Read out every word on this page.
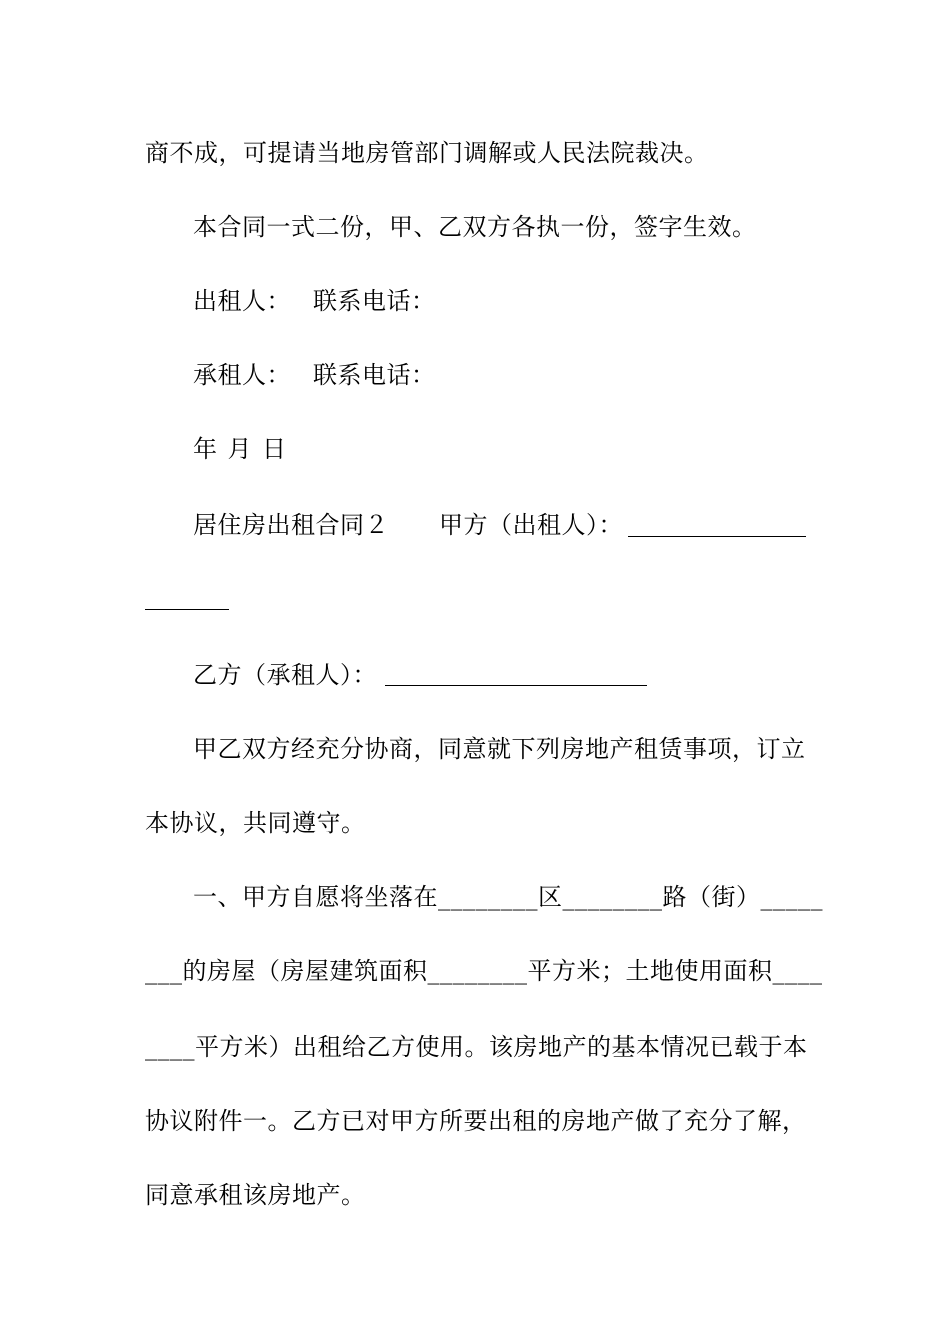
商不成，可提请当地房管部门调解或人民法院裁决。
本合同一式二份，甲、乙双方各执一份，签字生效。
出租人： 联系电话：
承租人： 联系电话：
年 月 日
居住房出租合同２ 甲方（出租人）：
乙方（承租人）：
甲乙双方经充分协商，同意就下列房地产租赁事项，订立
本协议，共同遵守。
一、甲方自愿将坐落在________区________路（街）_____
___的房屋（房屋建筑面积________平方米；土地使用面积____
____平方米）出租给乙方使用。该房地产的基本情况已载于本
协议附件一。乙方已对甲方所要出租的房地产做了充分了解，
同意承租该房地产。
